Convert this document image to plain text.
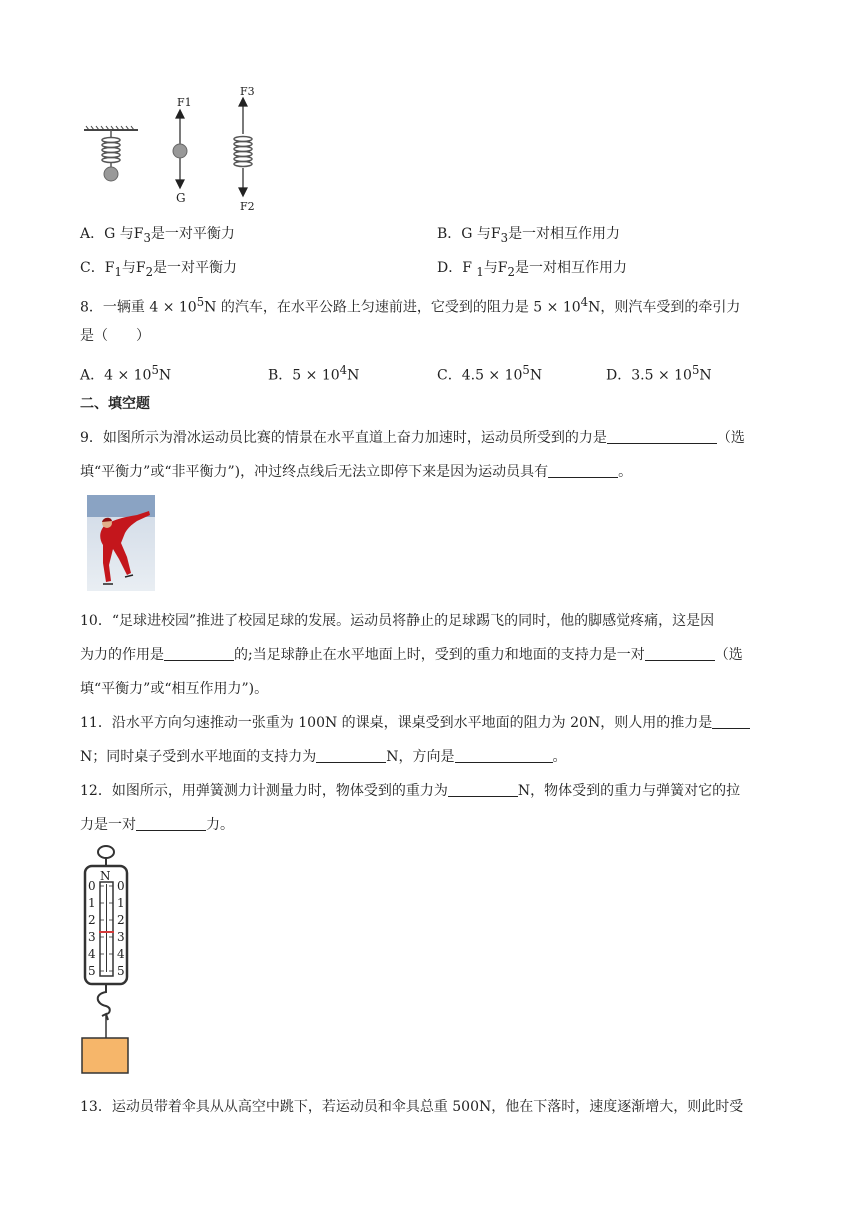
F1
G
F3
F2
A．G 与$F_3$是一对平衡力	B．G 与$F_3$是一对相互作用力
C．$F_1$与$F_2$是一对平衡力	D．F $_1$与$F_2$是一对相互作用力
8．一辆重 $4 \times 10^5N$ 的汽车，在水平公路上匀速前进，它受到的阻力是 $5 \times 10^4N$，则汽车受到的牵引力
是（　　）
A．$4 \times 10^5N$	B．$5 \times 10^4N$	C．$4.5 \times 10^5N$	D．$3.5 \times 10^5N$
二、填空题
9．如图所示为滑冰运动员比赛的情景在水平直道上奋力加速时，运动员所受到的力是	（选
填“平衡力”或“非平衡力”)，冲过终点线后无法立即停下来是因为运动员具有	。
10．“足球进校园”推进了校园足球的发展。运动员将静止的足球踢飞的同时，他的脚感觉疼痛，这是因
为力的作用是	的;当足球静止在水平地面上时，受到的重力和地面的支持力是一对	（选
填“平衡力”或“相互作用力”)。
11．沿水平方向匀速推动一张重为 100N 的课桌，课桌受到水平地面的阻力为 20N，则人用的推力是
N；同时桌子受到水平地面的支持力为	N，方向是	。
12．如图所示，用弹簧测力计测量力时，物体受到的重力为	N，物体受到的重力与弹簧对它的拉
力是一对	力。
N
0 0
1 1
2 2
3 3
4 4
5 5
13．运动员带着伞具从从高空中跳下，若运动员和伞具总重 500N，他在下落时，速度逐渐增大，则此时受
